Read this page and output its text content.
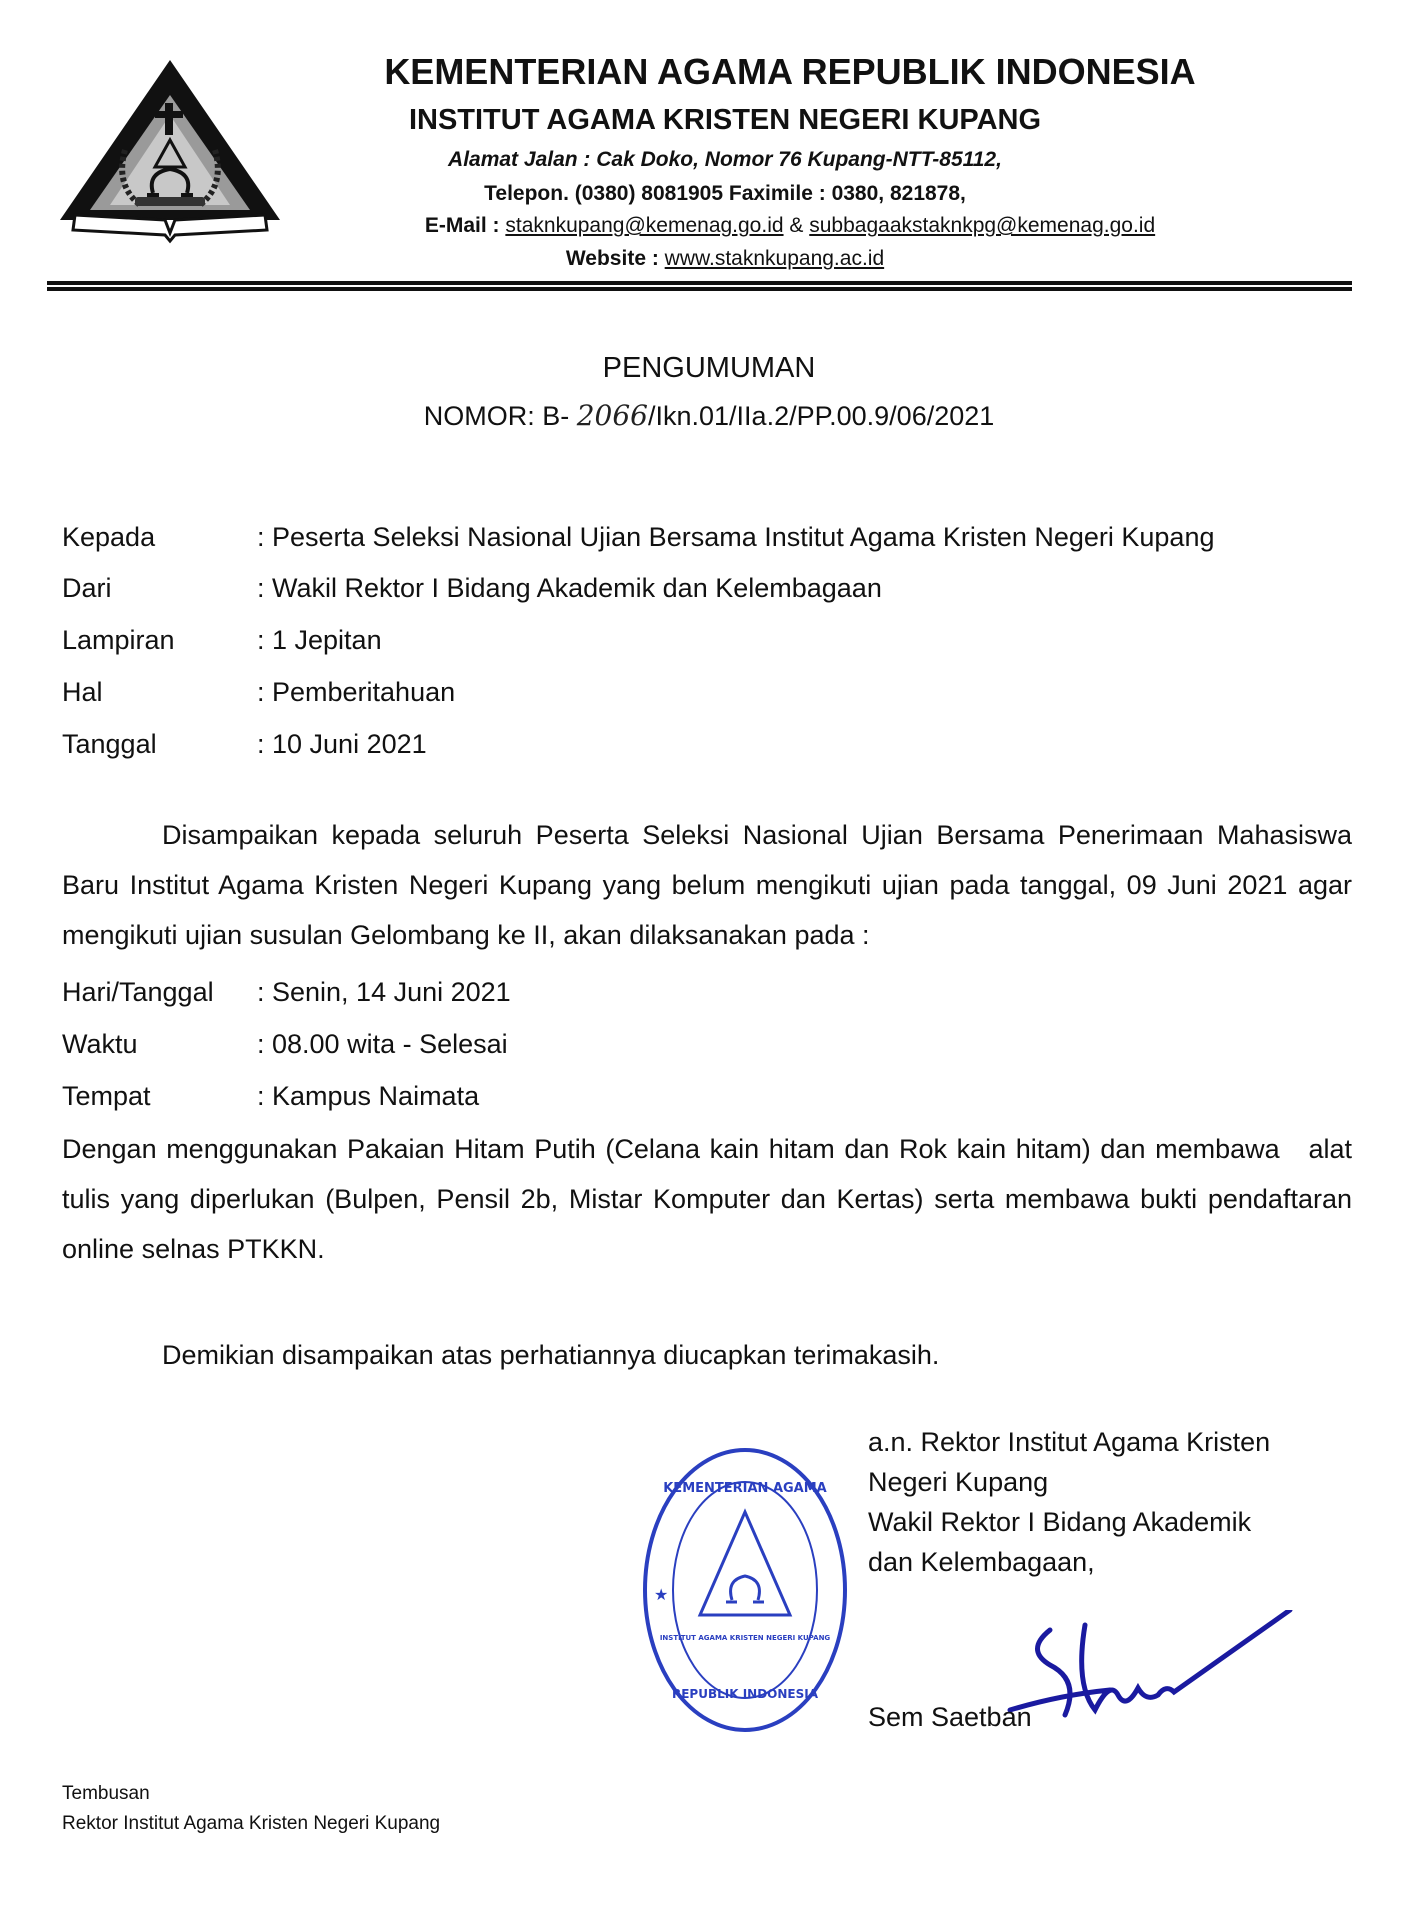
KEMENTERIAN AGAMA REPUBLIK INDONESIA
INSTITUT AGAMA KRISTEN NEGERI KUPANG
Alamat Jalan : Cak Doko, Nomor 76 Kupang-NTT-85112,
Telepon. (0380) 8081905 Faximile : 0380, 821878,
E-Mail : staknkupang@kemenag.go.id & subbagaakstaknkpg@kemenag.go.id
Website : www.staknkupang.ac.id
PENGUMUMAN
NOMOR: B- 2066/Ikn.01/IIa.2/PP.00.9/06/2021
Kepada	: Peserta Seleksi Nasional Ujian Bersama Institut Agama Kristen Negeri Kupang
Dari	: Wakil Rektor I Bidang Akademik dan Kelembagaan
Lampiran	: 1 Jepitan
Hal	: Pemberitahuan
Tanggal	: 10 Juni 2021
Disampaikan kepada seluruh Peserta Seleksi Nasional Ujian Bersama Penerimaan Mahasiswa Baru Institut Agama Kristen Negeri Kupang yang belum mengikuti ujian pada tanggal, 09 Juni 2021 agar mengikuti ujian susulan Gelombang ke II, akan dilaksanakan pada :
Hari/Tanggal : Senin, 14 Juni 2021
Waktu	: 08.00 wita - Selesai
Tempat	: Kampus Naimata
Dengan menggunakan Pakaian Hitam Putih (Celana kain hitam dan Rok kain hitam) dan membawa   alat tulis yang diperlukan (Bulpen, Pensil 2b, Mistar Komputer dan Kertas) serta membawa bukti pendaftaran online selnas PTKKN.
Demikian disampaikan atas perhatiannya diucapkan terimakasih.
KEMENTERIAN AGAMA
INSTITUT AGAMA KRISTEN NEGERI KUPANG
★
REPUBLIK INDONESIA
a.n. Rektor Institut Agama Kristen
Negeri Kupang
Wakil Rektor I Bidang Akademik
dan Kelembagaan,
Sem Saetban
Tembusan
Rektor Institut Agama Kristen Negeri Kupang
